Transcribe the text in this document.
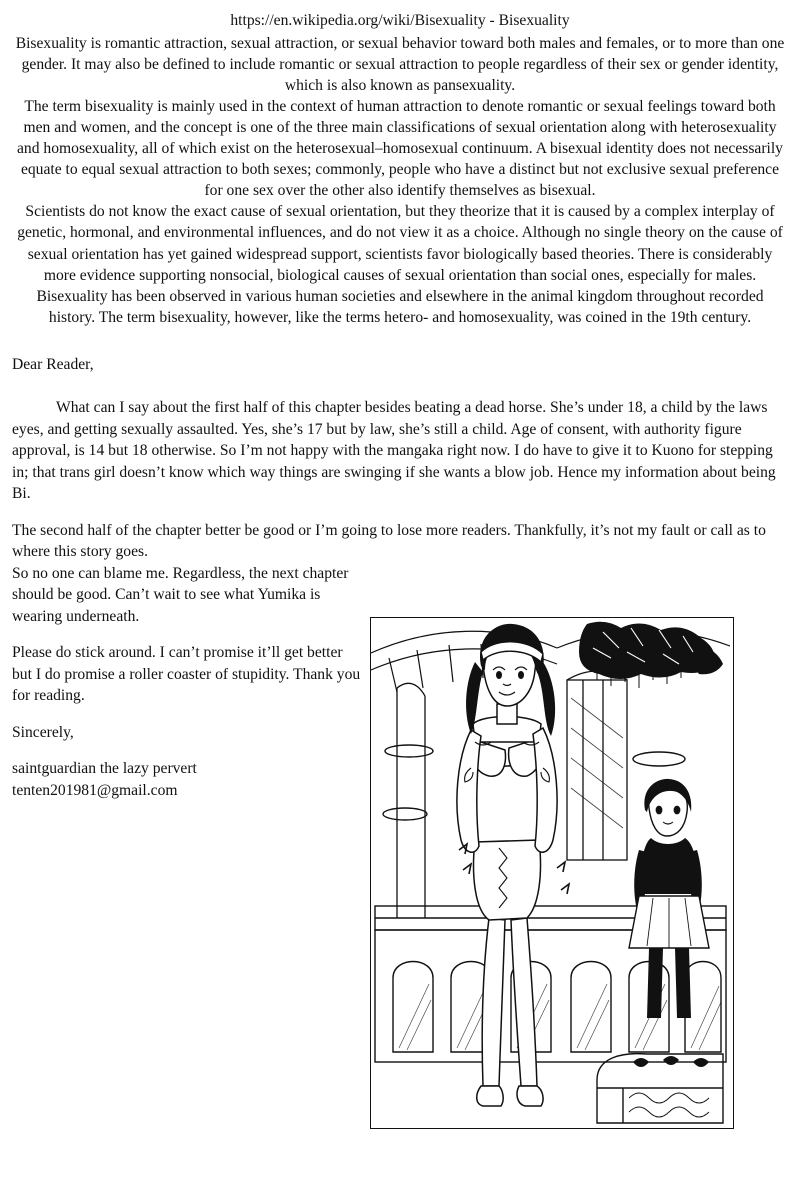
https://en.wikipedia.org/wiki/Bisexuality - Bisexuality

Bisexuality is romantic attraction, sexual attraction, or sexual behavior toward both males and females, or to more than one gender. It may also be defined to include romantic or sexual attraction to people regardless of their sex or gender identity, which is also known as pansexuality.

The term bisexuality is mainly used in the context of human attraction to denote romantic or sexual feelings toward both men and women, and the concept is one of the three main classifications of sexual orientation along with heterosexuality and homosexuality, all of which exist on the heterosexual–homosexual continuum. A bisexual identity does not necessarily equate to equal sexual attraction to both sexes; commonly, people who have a distinct but not exclusive sexual preference for one sex over the other also identify themselves as bisexual.

Scientists do not know the exact cause of sexual orientation, but they theorize that it is caused by a complex interplay of genetic, hormonal, and environmental influences, and do not view it as a choice. Although no single theory on the cause of sexual orientation has yet gained widespread support, scientists favor biologically based theories. There is considerably more evidence supporting nonsocial, biological causes of sexual orientation than social ones, especially for males.

Bisexuality has been observed in various human societies and elsewhere in the animal kingdom throughout recorded history. The term bisexuality, however, like the terms hetero- and homosexuality, was coined in the 19th century.

Dear Reader,

What can I say about the first half of this chapter besides beating a dead horse. She’s under 18, a child by the laws eyes, and getting sexually assaulted. Yes, she’s 17 but by law, she’s still a child. Age of consent, with authority figure approval, is 14 but 18 otherwise. So I’m not happy with the mangaka right now. I do have to give it to Kuono for stepping in; that trans girl doesn’t know which way things are swinging if she wants a blow job. Hence my information about being Bi.

The second half of the chapter better be good or I’m going to lose more readers. Thankfully, it’s not my fault or call as to where this story goes.

So no one can blame me. Regardless, the next chapter should be good. Can’t wait to see what Yumika is wearing underneath.

Please do stick around. I can’t promise it’ll get better but I do promise a roller coaster of stupidity. Thank you for reading.

Sincerely,

saintguardian the lazy pervert

tenten201981@gmail.com
